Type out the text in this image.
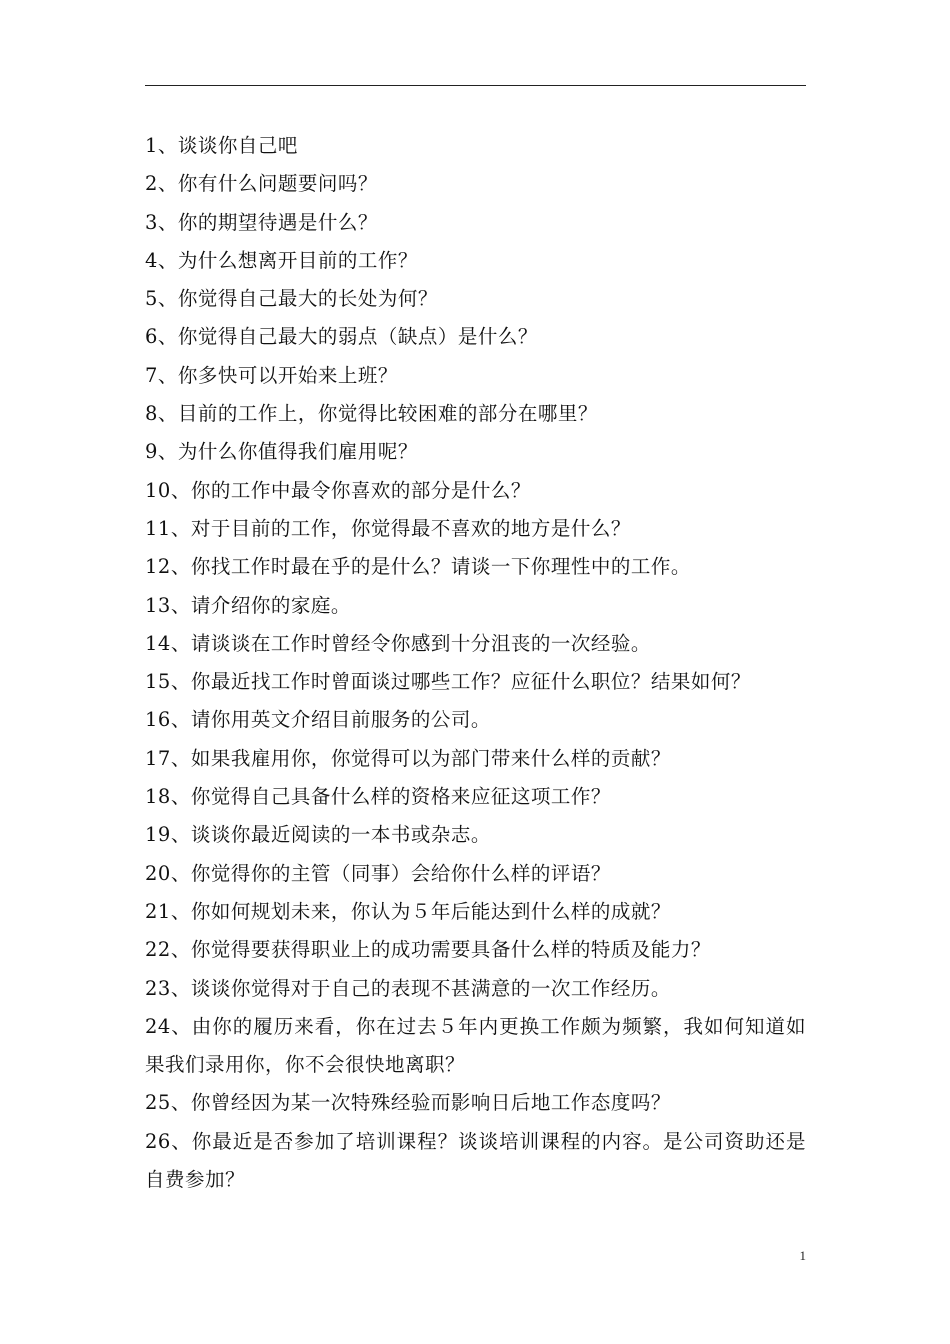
1、谈谈你自己吧
2、你有什么问题要问吗？
3、你的期望待遇是什么？
4、为什么想离开目前的工作？
5、你觉得自己最大的长处为何？
6、你觉得自己最大的弱点（缺点）是什么？
7、你多快可以开始来上班？
8、目前的工作上，你觉得比较困难的部分在哪里？
9、为什么你值得我们雇用呢？
10、你的工作中最令你喜欢的部分是什么？
11、对于目前的工作，你觉得最不喜欢的地方是什么？
12、你找工作时最在乎的是什么？请谈一下你理性中的工作。
13、请介绍你的家庭。
14、请谈谈在工作时曾经令你感到十分沮丧的一次经验。
15、你最近找工作时曾面谈过哪些工作？应征什么职位？结果如何？
16、请你用英文介绍目前服务的公司。
17、如果我雇用你，你觉得可以为部门带来什么样的贡献？
18、你觉得自己具备什么样的资格来应征这项工作？
19、谈谈你最近阅读的一本书或杂志。
20、你觉得你的主管（同事）会给你什么样的评语？
21、你如何规划未来，你认为５年后能达到什么样的成就？
22、你觉得要获得职业上的成功需要具备什么样的特质及能力？
23、谈谈你觉得对于自己的表现不甚满意的一次工作经历。
24、由你的履历来看，你在过去５年内更换工作颇为频繁，我如何知道如果我们录用你，你不会很快地离职？
25、你曾经因为某一次特殊经验而影响日后地工作态度吗？
26、你最近是否参加了培训课程？谈谈培训课程的内容。是公司资助还是自费参加？
1
